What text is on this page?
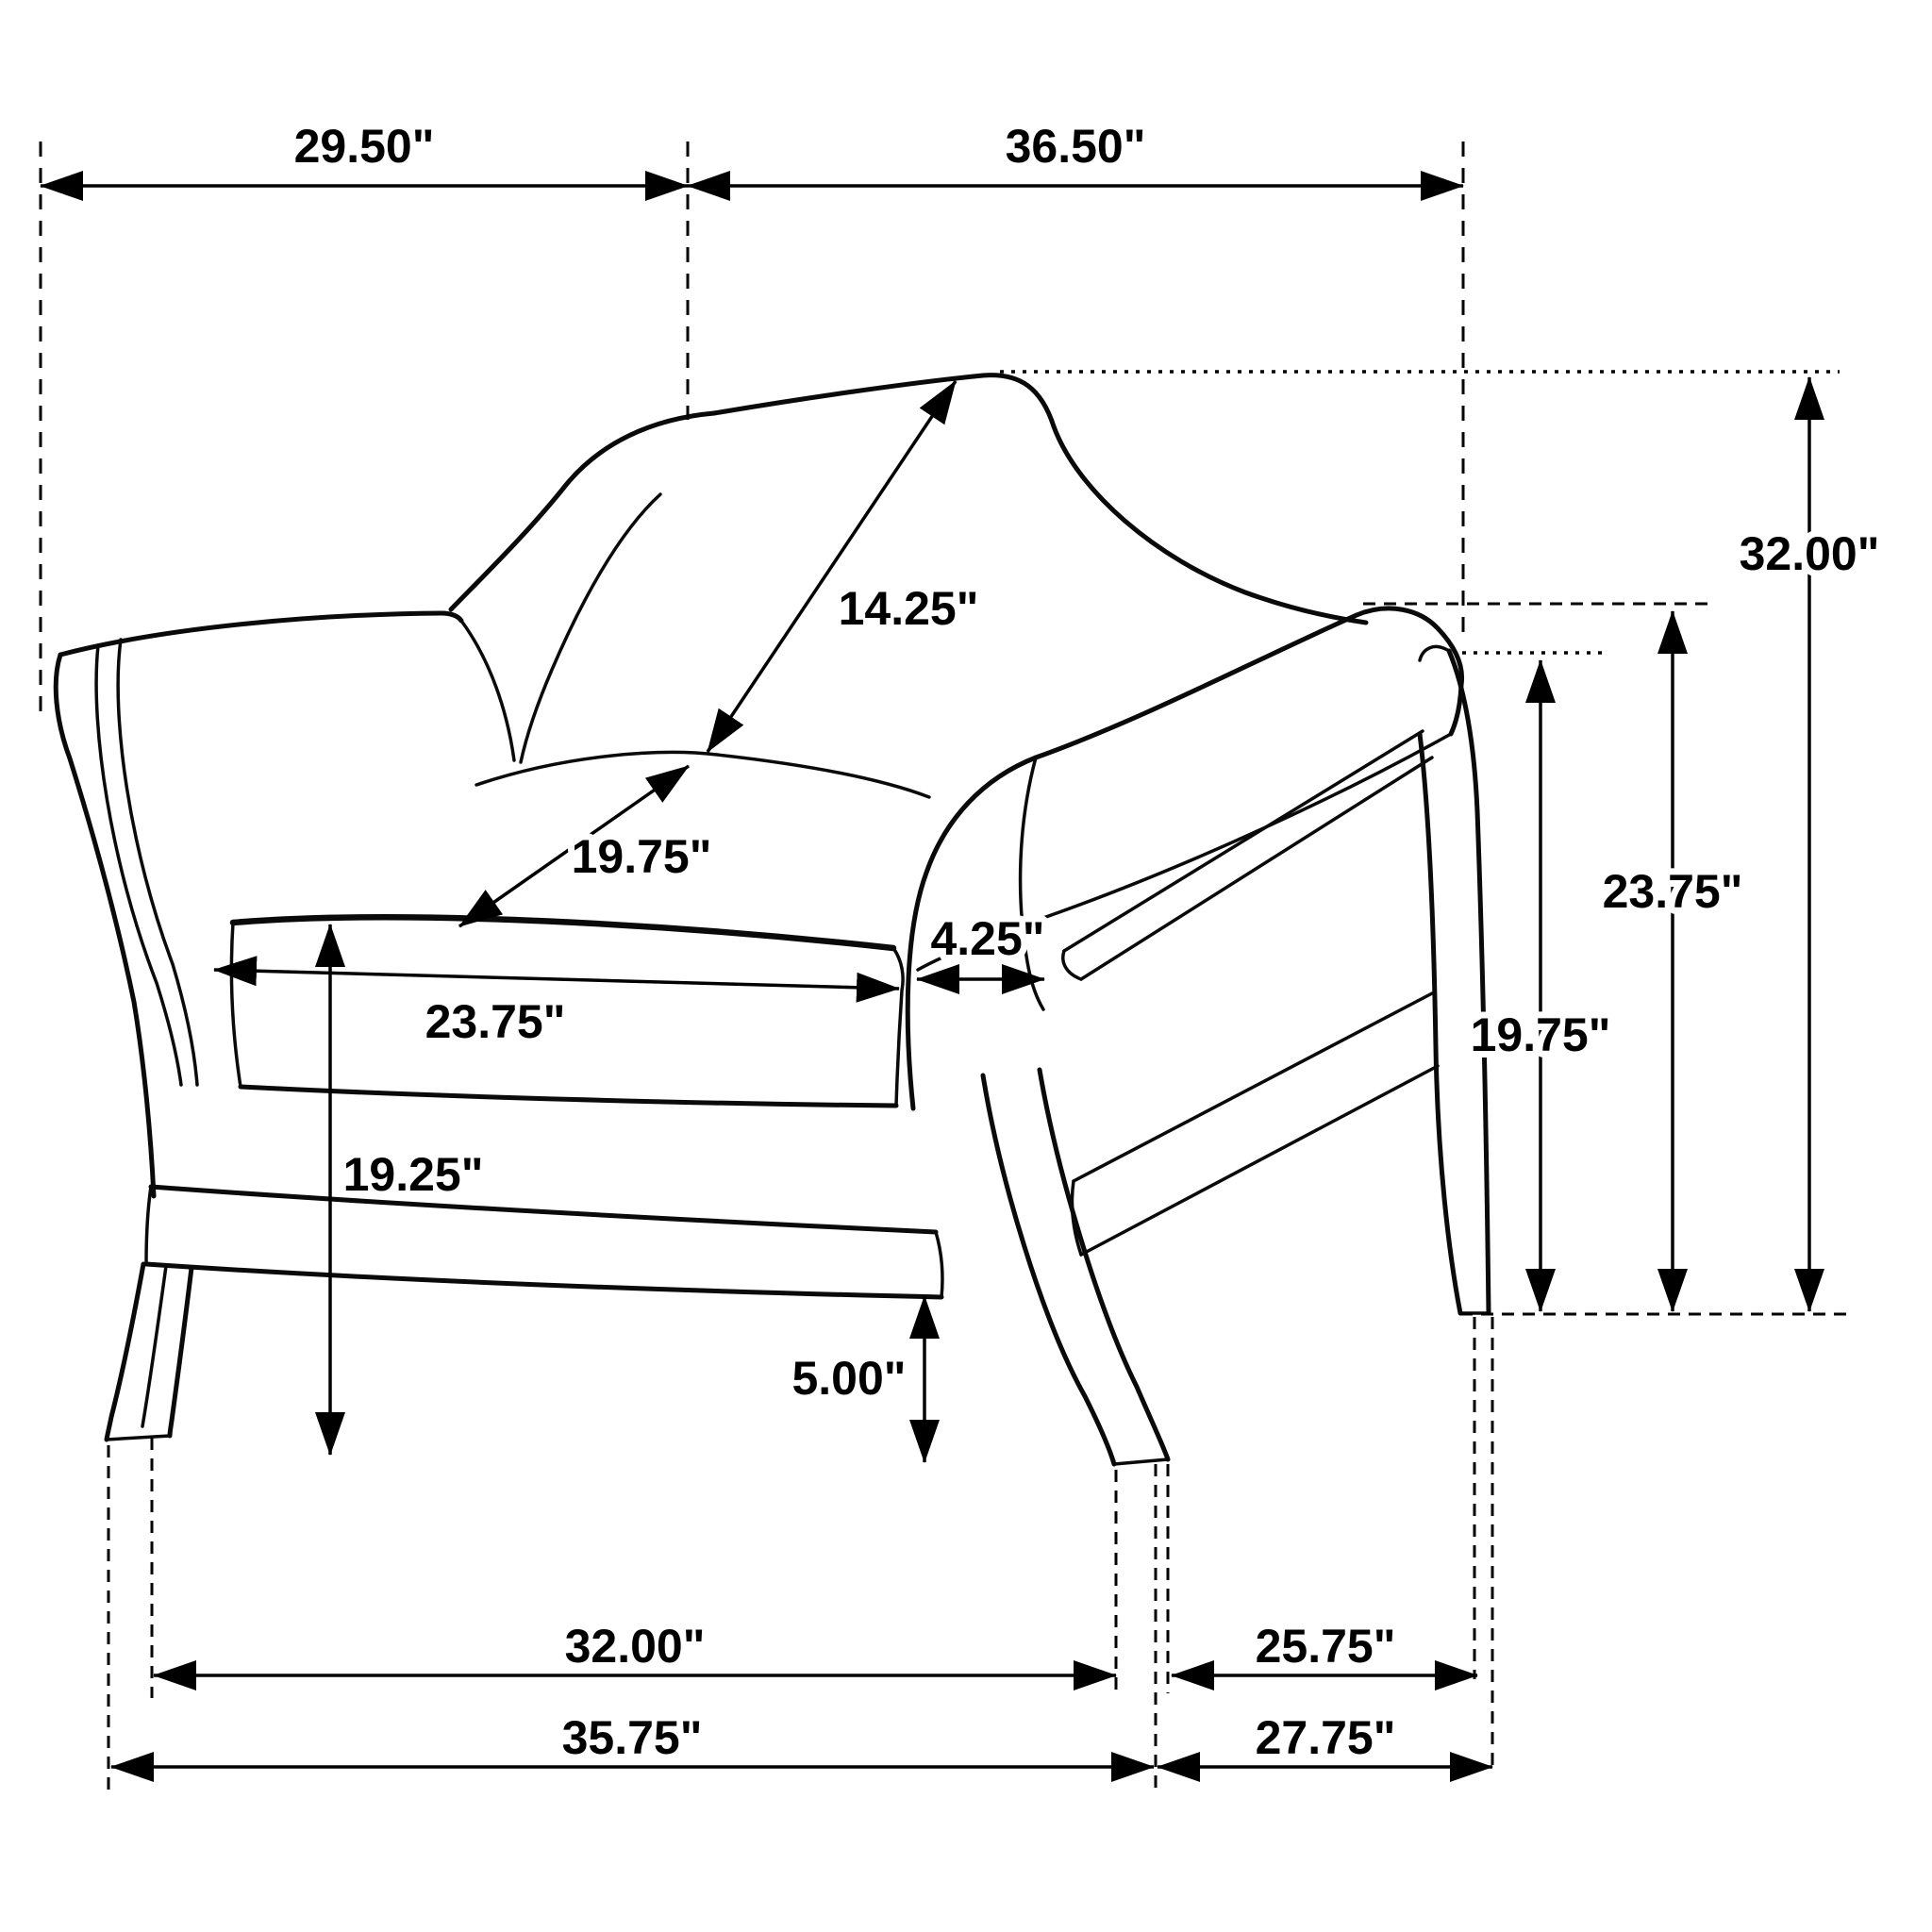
29.50"	36.50"
14.25"
19.75"
23.75"
4.25"
19.25"
19.75"
23.75"
32.00"
5.00"
32.00"	25.75"
35.75"	27.75"
